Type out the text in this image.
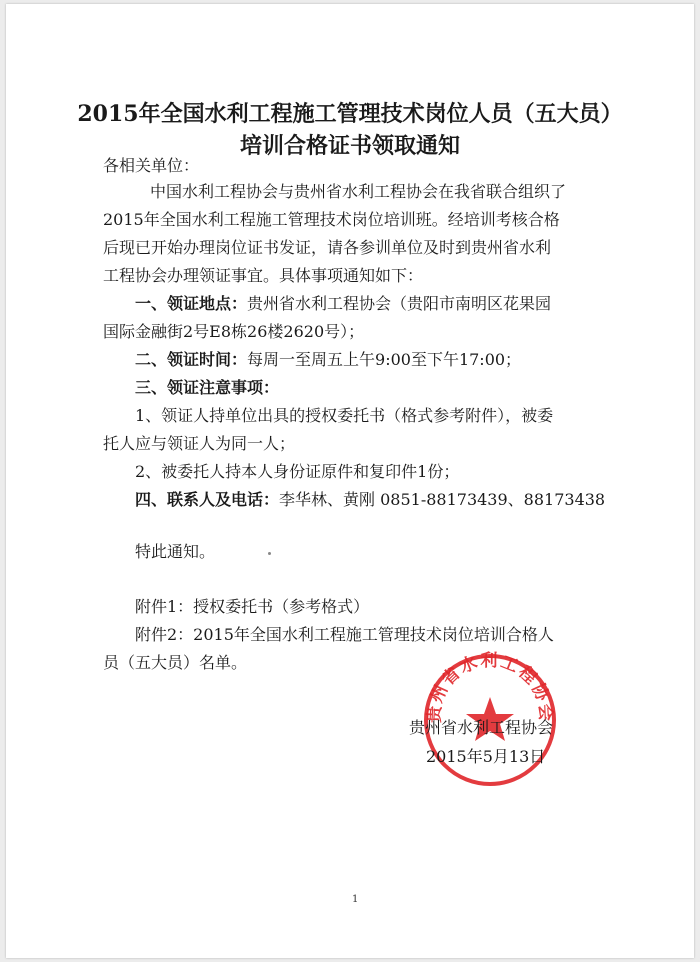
2015年全国水利工程施工管理技术岗位人员（五大员）
培训合格证书领取通知
各相关单位：
中国水利工程协会与贵州省水利工程协会在我省联合组织了
2015年全国水利工程施工管理技术岗位培训班。经培训考核合格
后现已开始办理岗位证书发证，请各参训单位及时到贵州省水利
工程协会办理领证事宜。具体事项通知如下：
一、领证地点：贵州省水利工程协会（贵阳市南明区花果园
国际金融街2号E8栋26楼2620号）；
二、领证时间：每周一至周五上午9:00至下午17:00；
三、领证注意事项：
1、领证人持单位出具的授权委托书（格式参考附件），被委
托人应与领证人为同一人；
2、被委托人持本人身份证原件和复印件1份；
四、联系人及电话：李华林、黄刚 0851-88173439、88173438
特此通知。
附件1：授权委托书（参考格式）
附件2：2015年全国水利工程施工管理技术岗位培训合格人
员（五大员）名单。
贵州省水利工程协会
贵州省水利工程协会
2015年5月13日
1
